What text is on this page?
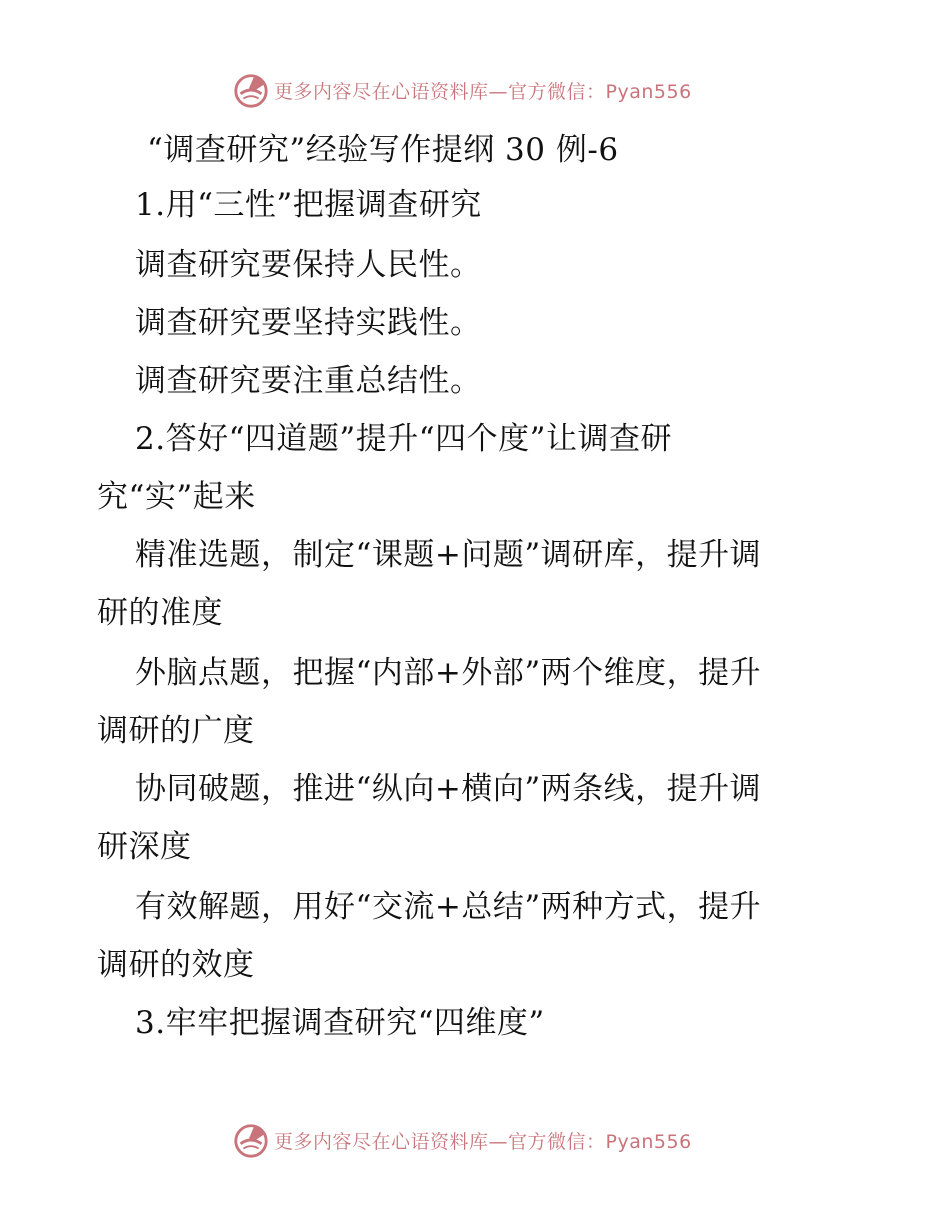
更多内容尽在心语资料库—官方微信：Pyan556
“调查研究”经验写作提纲 30 例-6
1.用“三性”把握调查研究
调查研究要保持人民性。
调查研究要坚持实践性。
调查研究要注重总结性。
2.答好“四道题”提升“四个度”让调查研
究“实”起来
精准选题，制定“课题+问题”调研库，提升调
研的准度
外脑点题，把握“内部+外部”两个维度，提升
调研的广度
协同破题，推进“纵向+横向”两条线，提升调
研深度
有效解题，用好“交流+总结”两种方式，提升
调研的效度
3.牢牢把握调查研究“四维度”
更多内容尽在心语资料库—官方微信：Pyan556
